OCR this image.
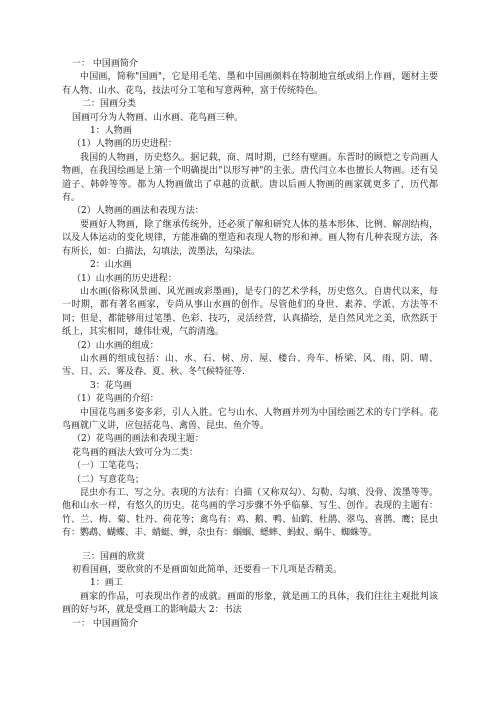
一： 中国画简介
中国画，简称"国画"，它是用毛笔、墨和中国画颜料在特制地宣纸或绢上作画，题材主要有人物、山水、花鸟，技法可分工笔和写意两种，富于传统特色。
二：国画分类
国画可分为人物画、山水画、花鸟画三种。
1：人物画
（1）人物画的历史进程：
我国的人物画，历史悠久。据记载，商、周时期，已经有壁画。东晋时的顾恺之专尚画人物画，在我国绘画是上第一个明确提出"以形写神"的主张。唐代闫立本也擅长人物画。还有吴道子、韩幹等等。都为人物画做出了卓越的贡献。唐以后画人物画的画家就更多了，历代都有。
（2）人物画的画法和表现方法：
要画好人物画，除了继承传统外，还必须了解和研究人体的基本形体、比例、解剖结构，以及人体运动的变化规律，方能准确的塑造和表现人物的形和神。画人物有几种表现方法，各有所长，如：白描法，勾填法，泼墨法，勾染法。
2：山水画
（1）山水画的历史进程：
山水画(俗称风景画、风光画或彩墨画)，是专门的艺术学科，历史悠久。自唐代以来，每一时期，都有著名画家，专尚从事山水画的创作。尽管他们的身世、素养、学派、方法等不同；但是，都能够用过笔墨、色彩、技巧，灵活经营，认真描绘，是自然风光之美，欣然跃于纸上，其实相同，雄伟壮观，气韵清逸。
（2）山水画的组成：
山水画的组成包括：山、水、石、树、房、屋、楼台、舟车、桥梁、风、雨、阴、晴、雪、日、云、雾及春、夏、秋、冬气候特征等.
3：花鸟画
（1）花鸟画的介绍：
中国花鸟画多姿多彩，引人入胜。它与山水、人物画并列为中国绘画艺术的专门学科。花鸟画就广义讲，应包括花鸟、禽兽、昆虫、鱼介等。
（2）花鸟画的画法和表现主题：
花鸟画的画法大致可分为二类：
（一）工笔花鸟；
（二）写意花鸟；
昆虫亦有工、写之分。表现的方法有：白描（又称双勾）、勾勒、勾填、没骨、泼墨等等。他和山水一样，有悠久的历史。花鸟画的学习步骤不外乎临摹、写生、创作。表现的主题有：竹、兰、梅、菊、牡丹、荷花等；禽鸟有：鸡、鹅、鸭、仙鹤、杜鹃、翠鸟、喜鹊、鹰；昆虫有：鹦鹉、蝴蝶、丰、蜻蜓、蝉，杂虫有：蝈蝈、蟋蟀、蚂蚁、蜗牛、蜘蛛等。
三：国画的欣赏
初看国画，要欣赏的不是画面如此简单，还要看一下几项是否精美。
1：画工
画家的作品，可表现出作者的成就。画面的形象，就是画工的具体，我们往往主观批判该画的好与坏，就是受画工的影响最大 2：书法
一： 中国画简介
